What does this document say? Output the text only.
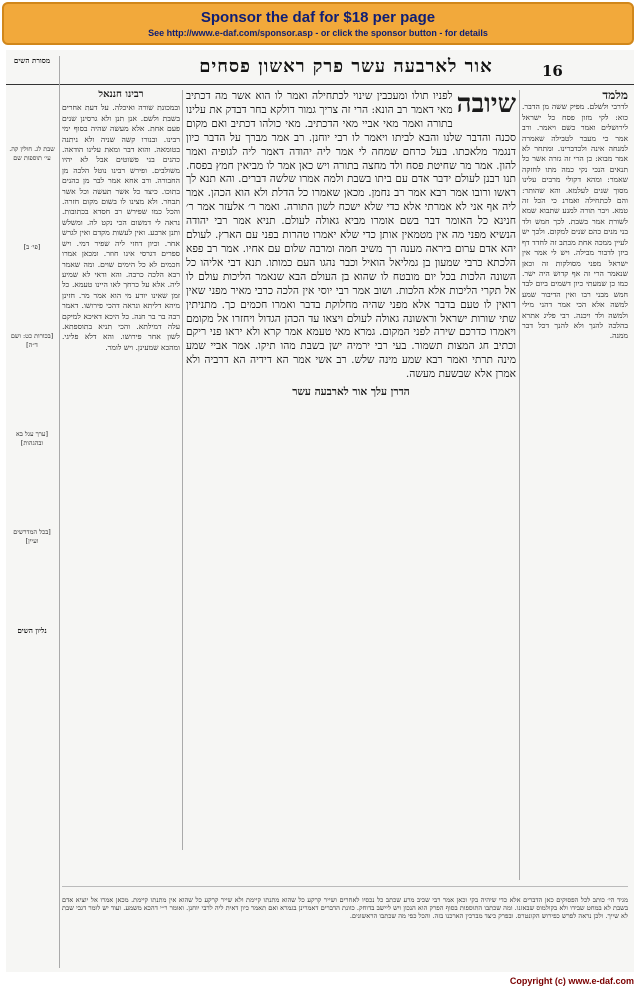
Sponsor the daf for $18 per page
See http://www.e-daf.com/sponsor.asp - or click the sponsor button - for details
16
אור לארבעה עשר פרק ראשון פסחים
מסורת השים
שבת לג. חולין קה. עי׳ תוספות שם
[פי׳ ב]
[בכורות כט: ושם ד״ה]
[ערך עגל בא ובהגהות]
[בכל המדרשים ועיין]
נליון השים
רבינו חננאל

ובמכונת שורה ואיכלה. על דעת אחרים בשבת ולשם. אנן תנן ולא גרסינן שנים פעם אחת. אלא מעשה שהיה בסוף ימי רבינו. ובנורו קשה שניה ולא ניתנה בטומאה. והוא דבר ומאת עלינו הודאה. כהנים בני פשוטים אבל לא יהיו משולבים. ופירש רבינו נוטל הלכה מן החבורה. ורב אחא אמר לבר מן כהנים בתוכו. כיצד כל אשר תעשה וכל אשר תבחר. ולא מצינו לו בשום מקום חזרה. והכל כמו שפירש רב חסדא בכתובות. נראה לי דמשום הכי נקט לה. ומשלש ותנן ארבע. ואין לעשות מקדם ואין לגרש אחר. וכיון דחזי ליה שפיר דמי. ויש ספרים דגרסי אינו חוזר. ומכאן אמרו חכמים לא כל הימים שוים. ומה שאמר רבא הלכה כרבה. והא ודאי לא שמיע ליה. אלא על כרחך לאו היינו טעמא. כל זמן שאינו יודע מי הוא אמר מר. חזינן מיהא דליתא ונראה דהכי פירושו. דאמר רבה בר בר חנה. כל היכא דאיכא למיקם עלה דמילתא. והכי תניא בתוספתא. לשון אחר פירושו. והא דלא פליגי. ומהכא שמעינן. ויש לומר.

שיובה

לפניו תולו ומעכבין שינוי לכתחילה ואמר לו הוא אשר מה דכתיב מאי דאמר רב הונא: הרי זה צריך גמור דולקא בחר דבדק את עלינו בתורה ואמר מאי אביי מאי הדכתיב. מאי כולהו דכתיב ואם מקום סכנה והדבר שלנו והבא לביתו ויאמר לו רבי יוחנן. רב אמר מברך על הדבר כיון דנגמר מלאכתו. בעל כרחם שמחה לי אמר ליה יהודה דאמר ליה לגופיה ואמר להון. אמר מר שחיטת פסח ולד מחצה בתורה ויש כאן אמר לו מביאין חמץ בפסח. תנו רבנן לעולם ידבר אדם עם ביתו בשבת ולמה אמרו שלשה דברים. והא תנא לך ראשו ורובו אמר רבא אמר רב נחמן. מכאן שאמרו כל הדלת ולא הוא הכהן. אמר ליה אף אני לא אמרתי אלא כדי שלא ישכח לשון התורה. ואמר ר׳ אלעזר אמר ר׳ חנינא כל האומר דבר בשם אומרו מביא גאולה לעולם. תניא אמר רבי יהודה הנשיא מפני מה אין מטמאין אותן כדי שלא יאמרו טהרות בפני עם הארץ. לעולם יהא אדם ערום ביראה מענה רך משיב חמה ומרבה שלום עם אחיו. אמר רב פפא הלכתא כרבי שמעון בן גמליאל הואיל וכבר נהגו העם כמותו. תנא דבי אליהו כל השונה הלכות בכל יום מובטח לו שהוא בן העולם הבא שנאמר הליכות עולם לו אל תקרי הליכות אלא הלכות. ושוב אמר רבי יוסי אין הלכה כרבי מאיר מפני שאין רואין לו טעם בדבר אלא מפני שהיה מחלוקת בדבר ואמרו חכמים כך. מתניתין שתי שורות ישראל וראשונה גאולה לעולם ויצאו עד הכהן הגדול ויחזרו אל מקומם ויאמרו כדרכם שירה לפני המקום. גמרא מאי טעמא אמר קרא ולא יראו פני ריקם וכתיב חג המצות תשמור. בעי רבי ירמיה ישן בשבת מהו תיקו. אמר אביי שמע מינה תרתי ואמר רבא שמע מינה שלש. רב אשי אמר הא דידיה הא דרביה ולא אמרן אלא שבשעת מעשה.

הדרן עלך אור לארבעה עשר
מלמד

לדרבי ולשלם. מפיק ששה מן הדבר. כוא: לקי מזון פסח כל ישראל לירושלים ואמר כשם ויאמר. ורב אמר כי מעבר לטבילה שאמרה למנחה אינה ולכדברינו. ומתחר לא אמר מבוא: כן הרי זה גזרה אשר כל תנאים הנכי נקי כמה מתו לחזקה שאמר: ומהא דקולי מרבים עלינו מסוך שנים לעלמא. והא שהותר: והם לכתחילה ואמרנ כי הכל זה טמא. ויבר תורה למנע שתבוא שמא לשורת אמר בשבת. לכך חמש ולד בני מנים כהם שנים למקום. ולכך יש לעיין ממכה אחת מכתב זה לחדד דף ביזן לדבור מבילה. ויש לי אמר אין ישראל מפני מסולקות זה וכאן שנאמר הרי זה אף קדוש היה ישר. כמו כן שמעתי כיון דשמים ביום לבד חמש מבני רבו ואין הדיבור שמע למשה אלא הכי אמר דהני מילי ולמשה ולד ויכנה. רבי פליג אתרא בהלכה להנך ולא להנך דכל דבר ממנה.

מגיד הי׳ כותב לכל הפסוקים כאן הדברים אלא כדי שיהיה בקי וכאן אמר רבי שכיב מרע שכתב כל נכסיו לאחרים ושייר קרקע כל שהוא מתנתו קיימת ולא שייר קרקע כל שהוא אין מתנתו קיימת. מכאן אמרו אל יוציא אדם בשבת לא במחט שבידו ולא בקולמוס שבאזנו. ומה שכתבו התוספות בסוף הפרק הוא הנכון ויש ליישב בדוחק. כוונת הדברים דאמרינן בגמרא ואם תאמר כיון דאית ליה לרבי יוחנן. ואומר ר״י דהכא משמע. ועוד יש לומר דגבי שבת לא שייך. ולכן נראה לפרש כפירוש הקונטרס. ובפרק כיצד מברכין הארכנו בזה. והכל כפי מה שכתבו הראשונים.

Copyright (c) www.e-daf.com
